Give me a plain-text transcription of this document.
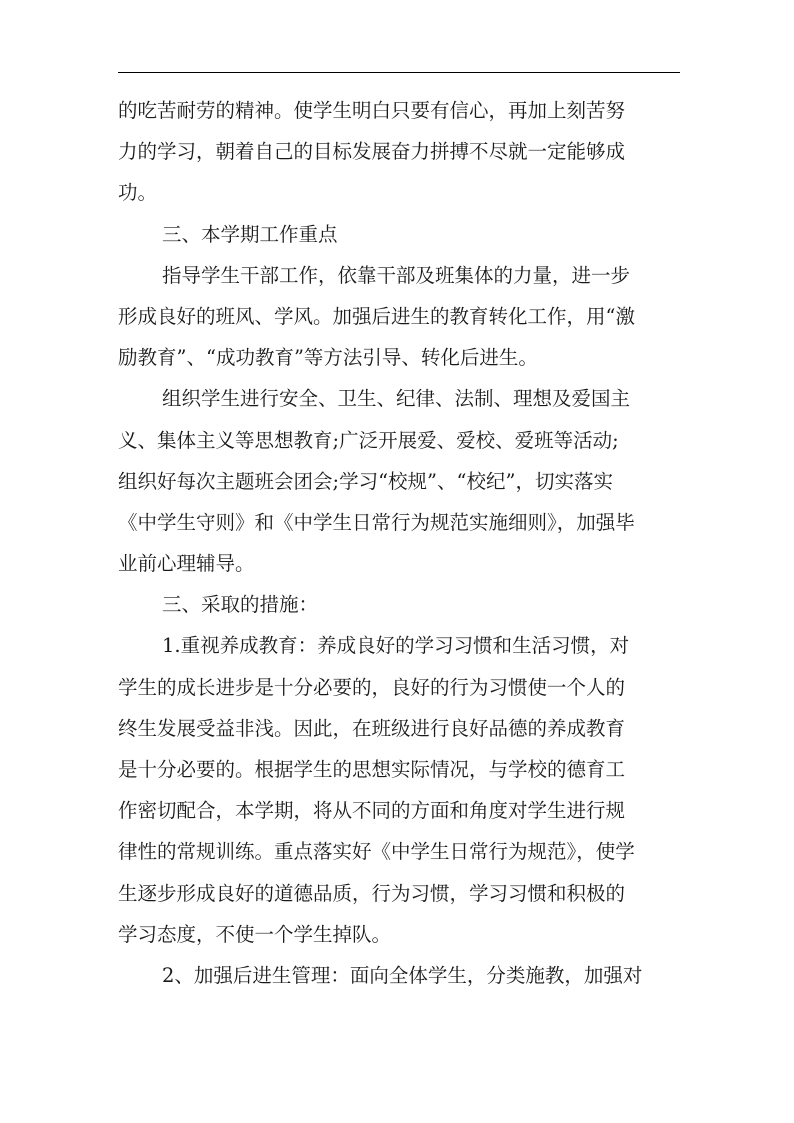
的吃苦耐劳的精神。使学生明白只要有信心，再加上刻苦努
力的学习，朝着自己的目标发展奋力拼搏不尽就一定能够成
功。
三、本学期工作重点
指导学生干部工作，依靠干部及班集体的力量，进一步
形成良好的班风、学风。加强后进生的教育转化工作，用“激
励教育”、“成功教育”等方法引导、转化后进生。
组织学生进行安全、卫生、纪律、法制、理想及爱国主
义、集体主义等思想教育;广泛开展爱、爱校、爱班等活动;
组织好每次主题班会团会;学习“校规”、“校纪”，切实落实
《中学生守则》和《中学生日常行为规范实施细则》，加强毕
业前心理辅导。
三、采取的措施：
1.重视养成教育：养成良好的学习习惯和生活习惯，对
学生的成长进步是十分必要的，良好的行为习惯使一个人的
终生发展受益非浅。因此，在班级进行良好品德的养成教育
是十分必要的。根据学生的思想实际情况，与学校的德育工
作密切配合，本学期，将从不同的方面和角度对学生进行规
律性的常规训练。重点落实好《中学生日常行为规范》，使学
生逐步形成良好的道德品质，行为习惯，学习习惯和积极的
学习态度，不使一个学生掉队。
2、加强后进生管理：面向全体学生，分类施教，加强对
